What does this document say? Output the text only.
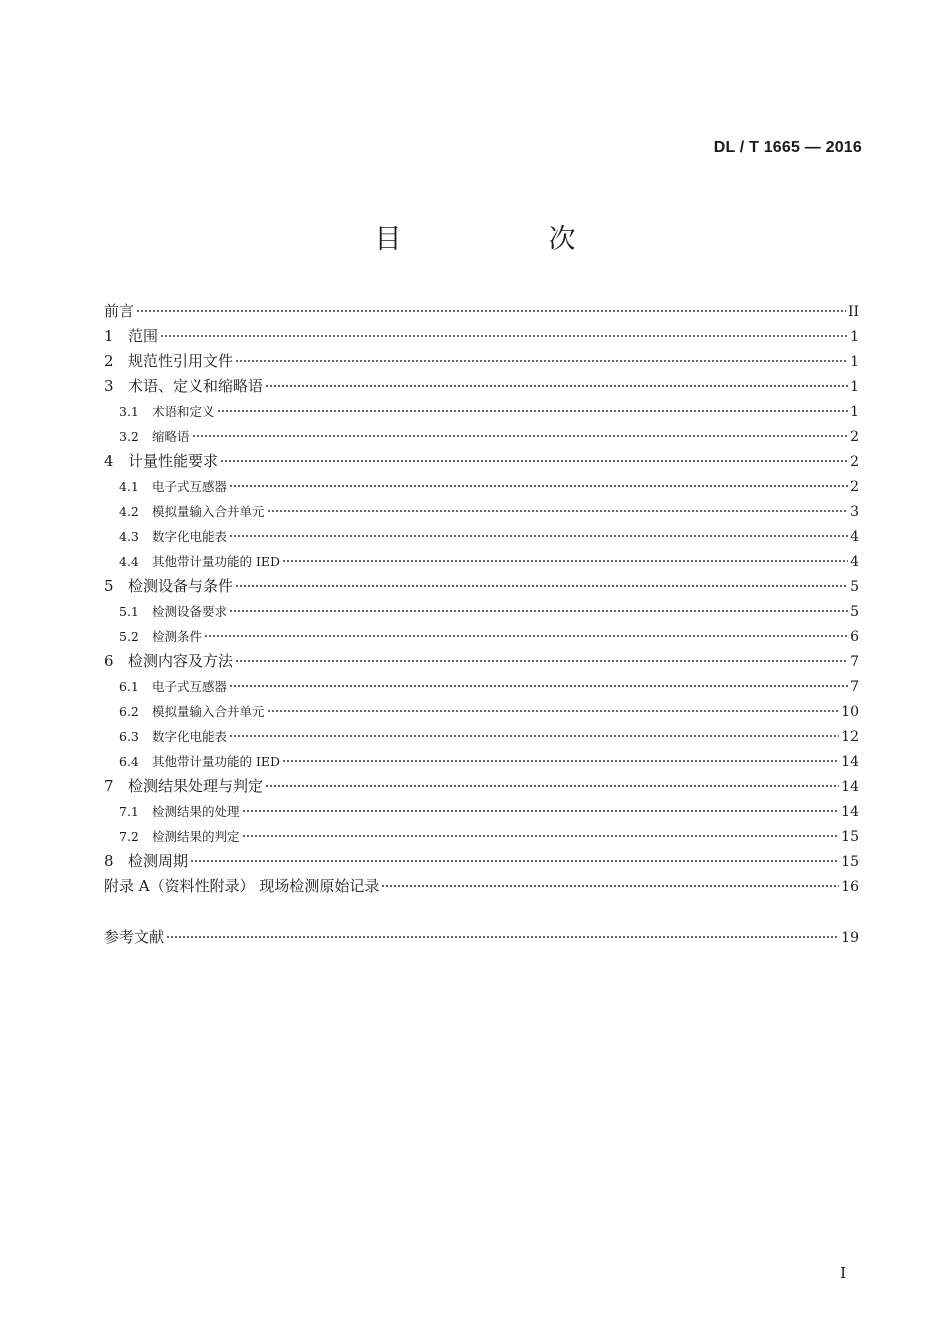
DL / T 1665 — 2016
目　次
前言	II
1 范围	1
2 规范性引用文件	1
3 术语、定义和缩略语	1
3.1	术语和定义	1
3.2	缩略语	2
4 计量性能要求	2
4.1	电子式互感器	2
4.2	模拟量输入合并单元	3
4.3	数字化电能表	4
4.4	其他带计量功能的 IED	4
5 检测设备与条件	5
5.1	检测设备要求	5
5.2	检测条件	6
6 检测内容及方法	7
6.1	电子式互感器	7
6.2	模拟量输入合并单元	10
6.3	数字化电能表	12
6.4	其他带计量功能的 IED	14
7 检测结果处理与判定	14
7.1	检测结果的处理	14
7.2	检测结果的判定	15
8 检测周期	15
附录 A（资料性附录） 现场检测原始记录	16
参考文献	19
I
